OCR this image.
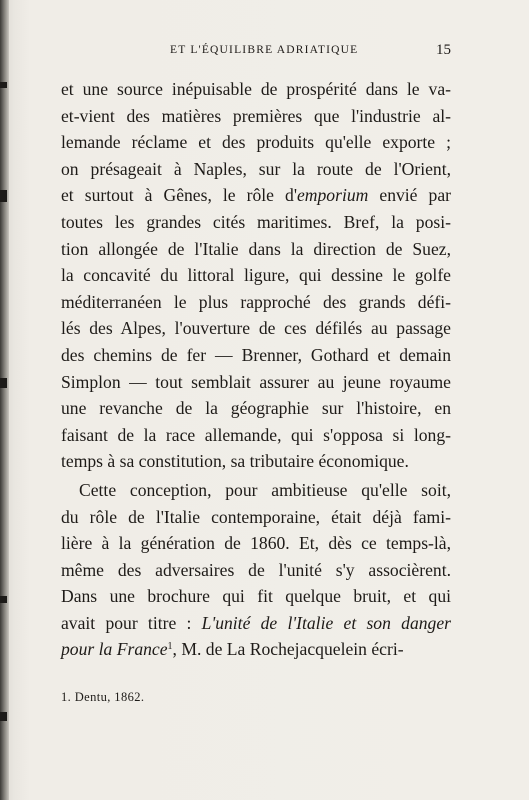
ET L'ÉQUILIBRE ADRIATIQUE	15
et une source inépuisable de prospérité dans le va-
et-vient des matières premières que l'industrie al-
lemande réclame et des produits qu'elle exporte ;
on présageait à Naples, sur la route de l'Orient,
et surtout à Gênes, le rôle d'emporium envié par
toutes les grandes cités maritimes. Bref, la posi-
tion allongée de l'Italie dans la direction de Suez,
la concavité du littoral ligure, qui dessine le golfe
méditerranéen le plus rapproché des grands défi-
lés des Alpes, l'ouverture de ces défilés au passage
des chemins de fer — Brenner, Gothard et demain
Simplon — tout semblait assurer au jeune royaume
une revanche de la géographie sur l'histoire, en
faisant de la race allemande, qui s'opposa si long-
temps à sa constitution, sa tributaire économique.
Cette conception, pour ambitieuse qu'elle soit,
du rôle de l'Italie contemporaine, était déjà fami-
lière à la génération de 1860. Et, dès ce temps-là,
même des adversaires de l'unité s'y associèrent.
Dans une brochure qui fit quelque bruit, et qui
avait pour titre : L'unité de l'Italie et son danger
pour la France$^1$, M. de La Rochejacquelein écri-
1. Dentu, 1862.
